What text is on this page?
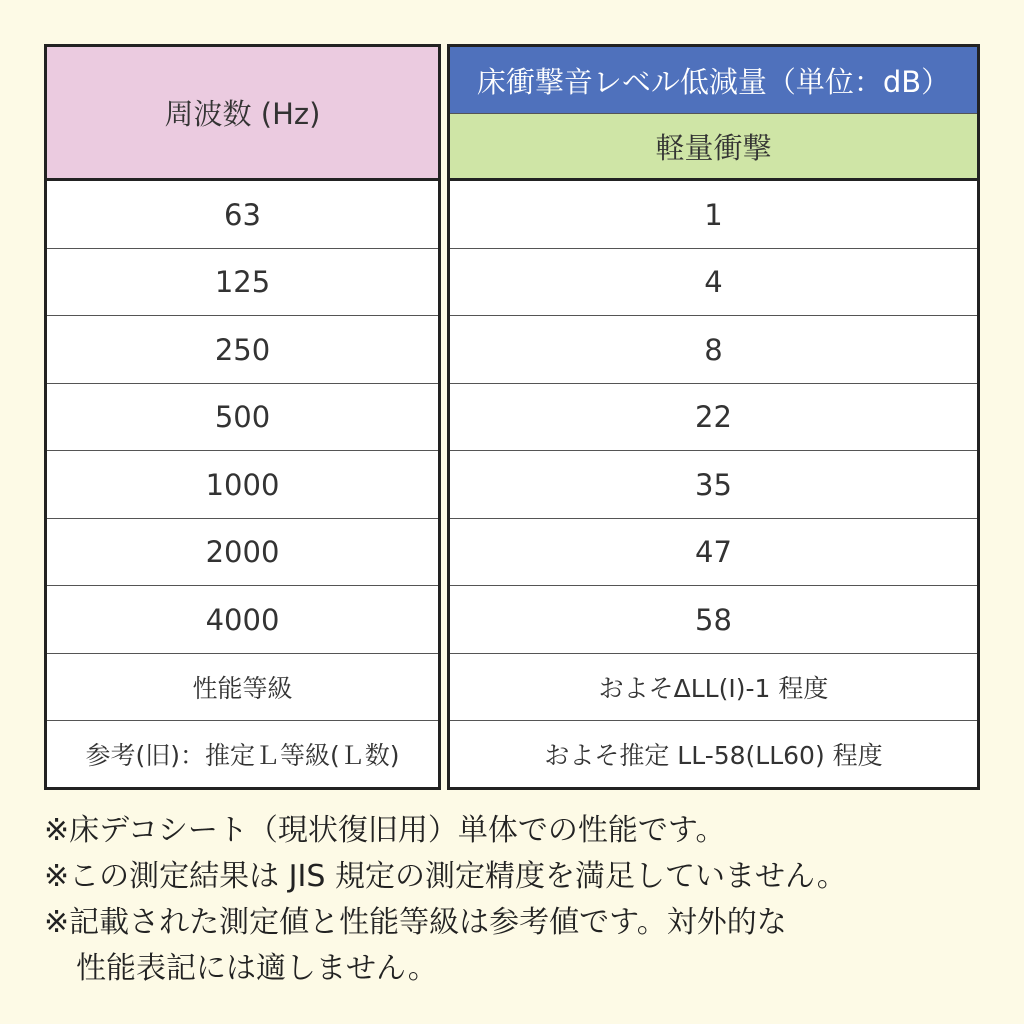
周波数 (Hz)
63
125
250
500
1000
2000
4000
性能等級
参考(旧)：推定Ｌ等級(Ｌ数)
床衝撃音レベル低減量（単位：dB）
軽量衝撃
1
4
8
22
35
47
58
およそΔLL(I)-1 程度
およそ推定 LL-58(LL60) 程度
※床デコシート（現状復旧用）単体での性能です。
※この測定結果は JIS 規定の測定精度を満足していません。
※記載された測定値と性能等級は参考値です。対外的な
性能表記には適しません。
